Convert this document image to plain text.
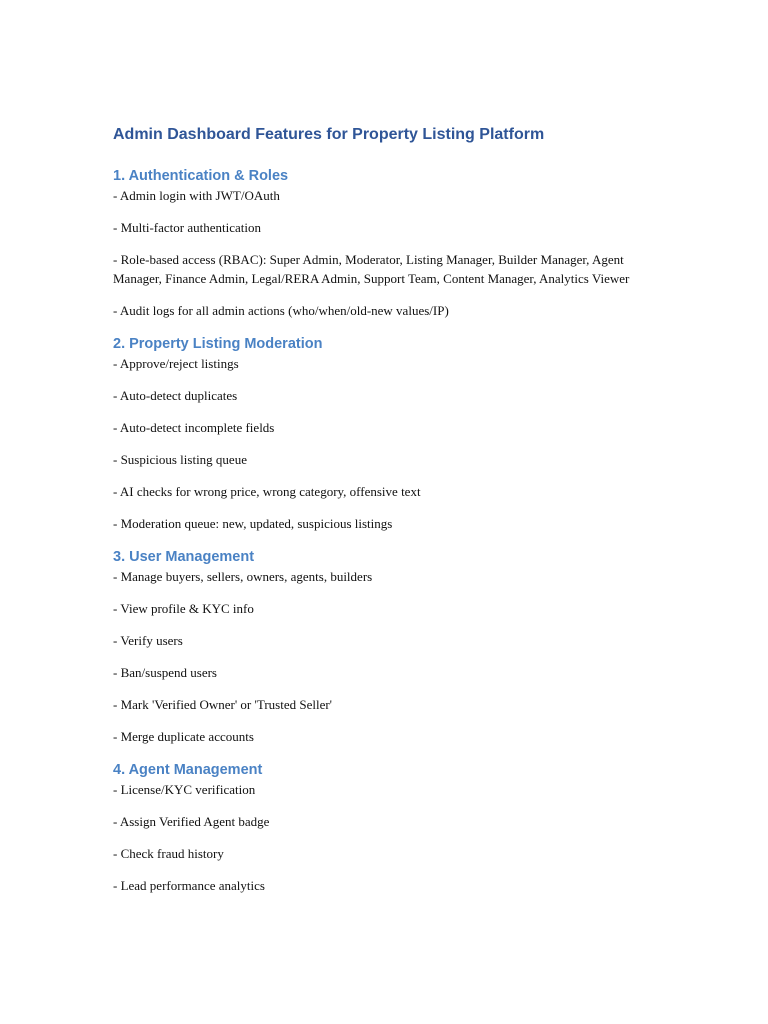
Admin Dashboard Features for Property Listing Platform
1. Authentication & Roles

- Admin login with JWT/OAuth

- Multi-factor authentication

- Role-based access (RBAC): Super Admin, Moderator, Listing Manager, Builder Manager, Agent Manager, Finance Admin, Legal/RERA Admin, Support Team, Content Manager, Analytics Viewer

- Audit logs for all admin actions (who/when/old-new values/IP)

2. Property Listing Moderation

- Approve/reject listings

- Auto-detect duplicates

- Auto-detect incomplete fields

- Suspicious listing queue

- AI checks for wrong price, wrong category, offensive text

- Moderation queue: new, updated, suspicious listings

3. User Management

- Manage buyers, sellers, owners, agents, builders

- View profile & KYC info

- Verify users

- Ban/suspend users

- Mark 'Verified Owner' or 'Trusted Seller'

- Merge duplicate accounts

4. Agent Management

- License/KYC verification

- Assign Verified Agent badge

- Check fraud history

- Lead performance analytics
